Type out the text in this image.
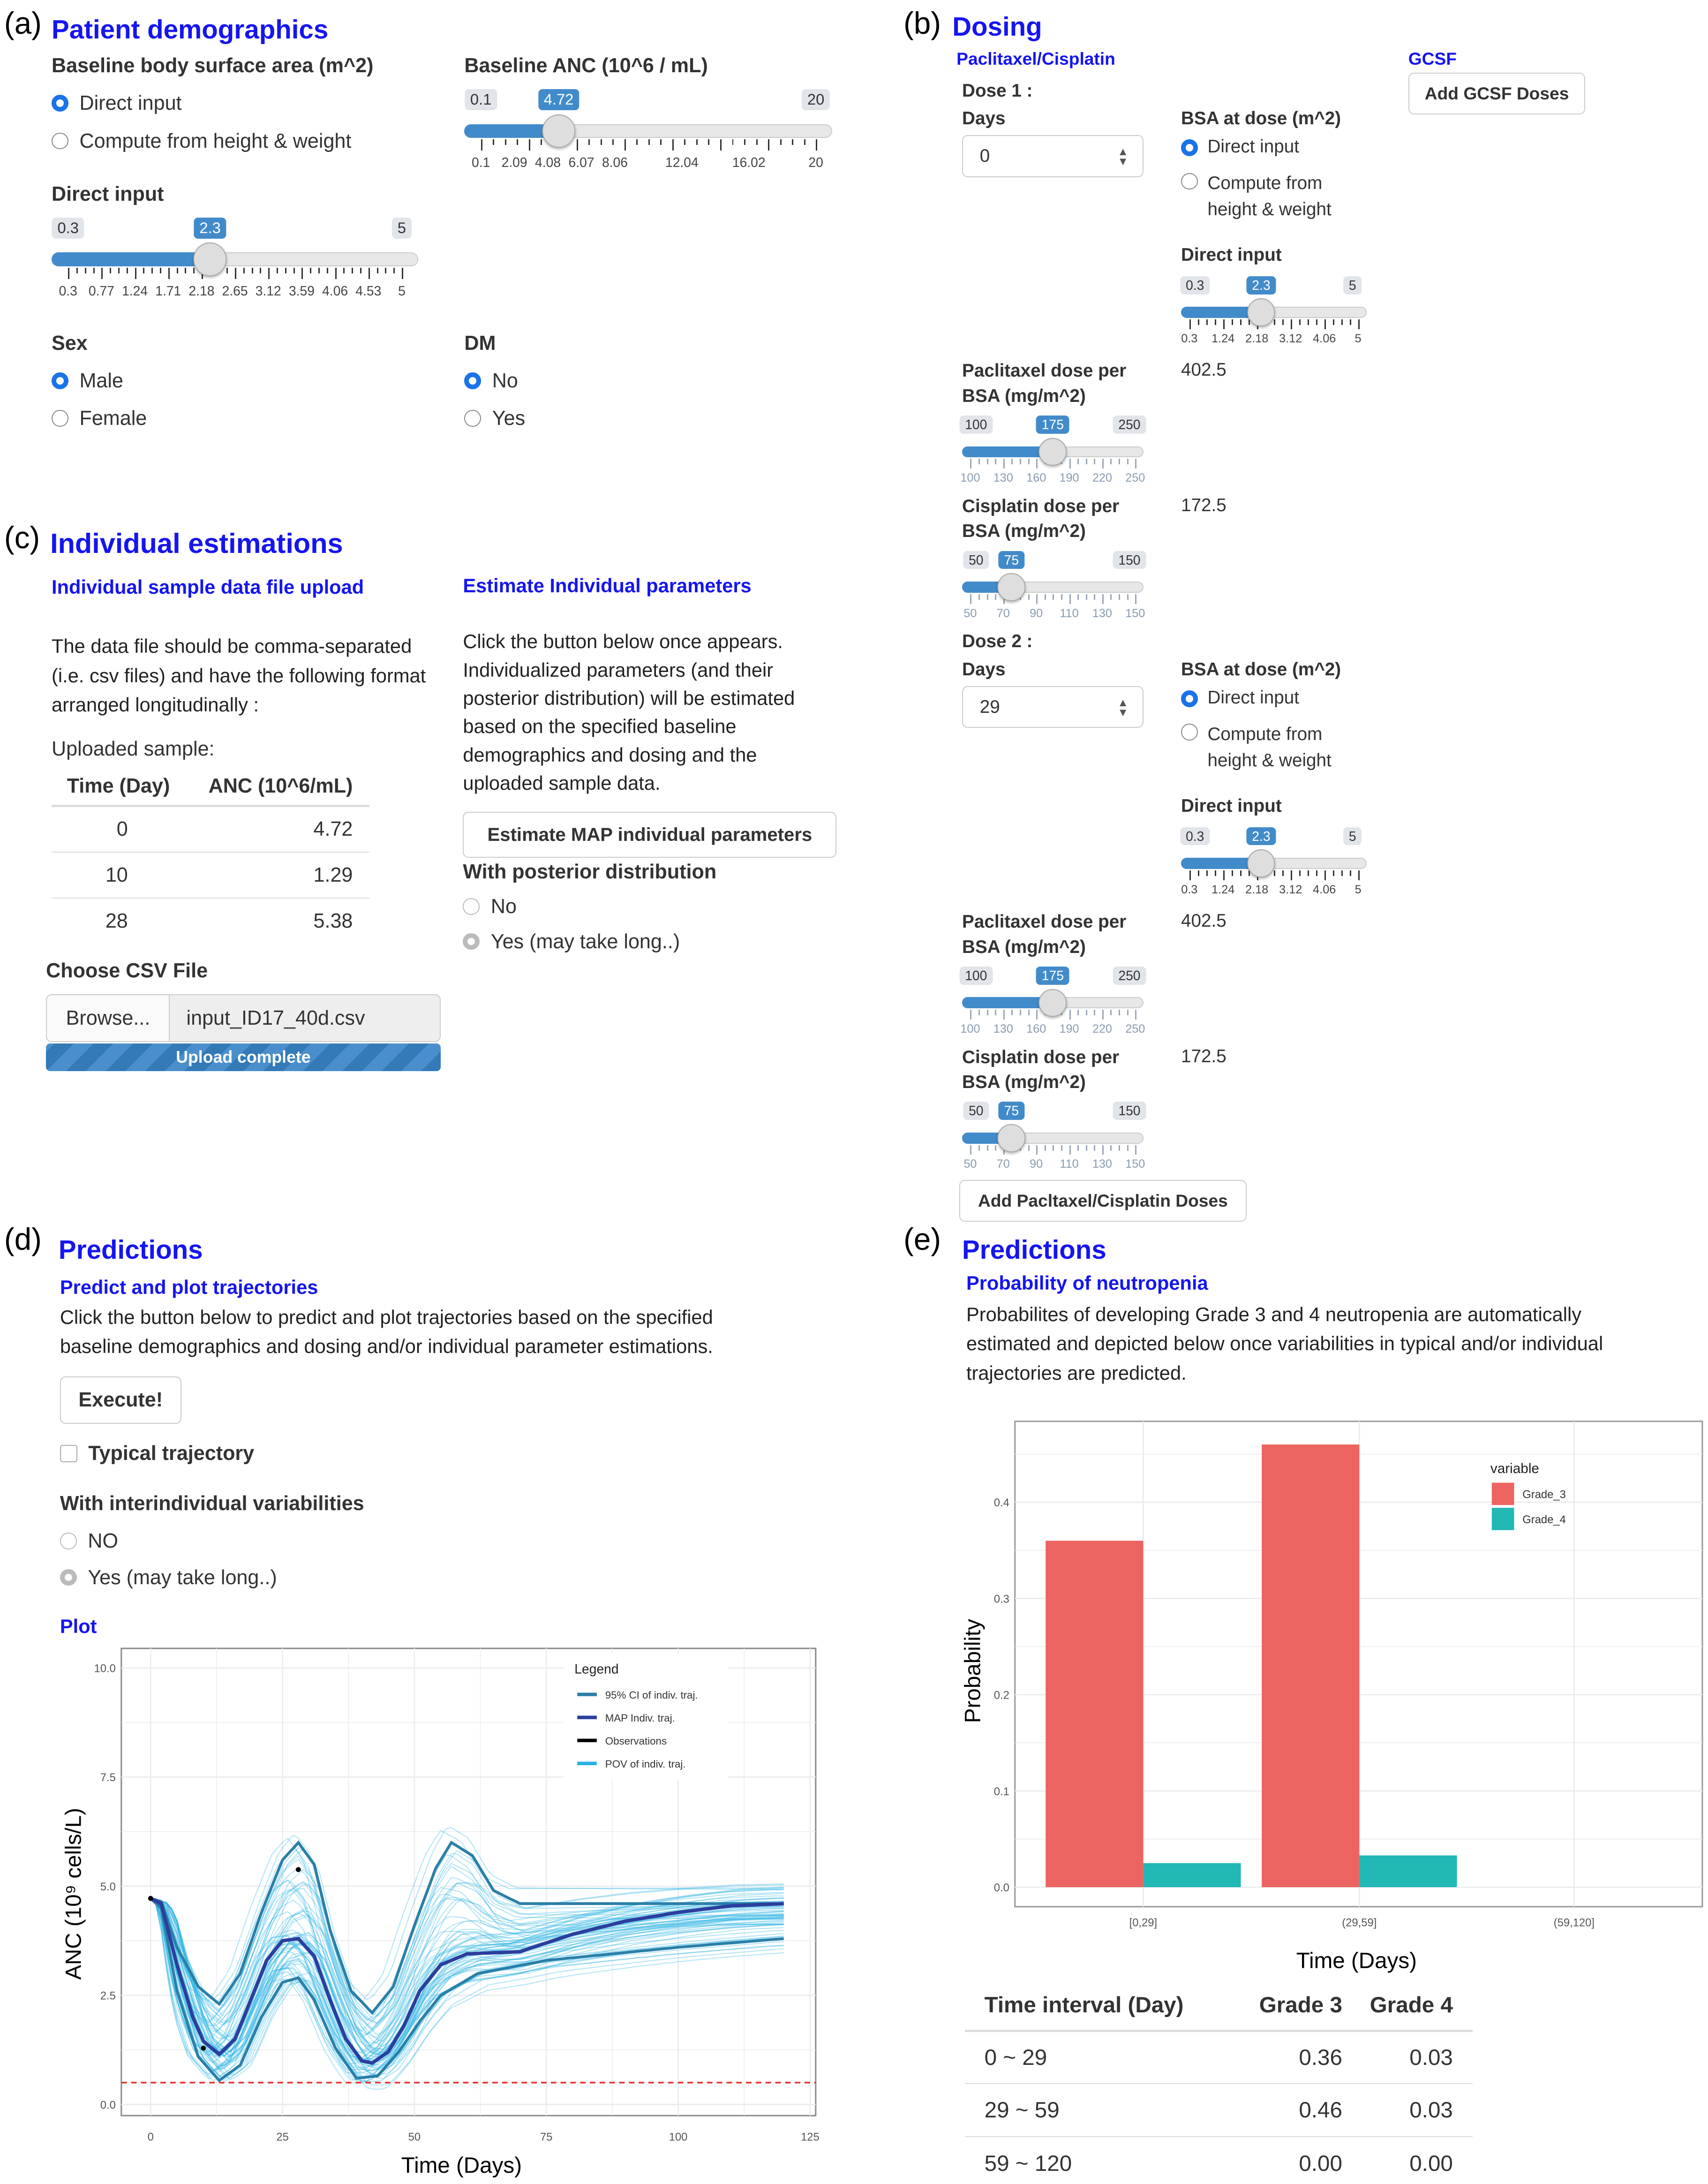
(a) Patient demographics
Baseline body surface area (m^2)
Direct input
Compute from height & weight
Direct input
0.3	5
2.3
0.3	0.77 1.24 1.71 2.18 2.65 3.12 3.59 4.06 4.53	5
Baseline ANC (10^6 / mL)
0.1	20
4.72
0.1	2.09 4.08 6.07 8.06	12.04	16.02	20
Sex
Male
Female
DM
No
Yes
(b) Dosing
Paclitaxel/Cisplatin	GCSF
Add GCSF Doses
Dose 1 :
Days
0	▲
▼
BSA at dose (m^2)
Direct input
Compute from height & weight
Direct input
0.3	5
2.3
0.3	1.24	2.18	3.12	4.06	5
Paclitaxel dose per BSA (mg/m^2)
402.5
100	250
175
100	130	160	190	220	250
Cisplatin dose per BSA (mg/m^2)
172.5
50	150
75
50	70	90	110	130	150
Dose 2 :
Days
29	▲
▼
BSA at dose (m^2)
Direct input
Compute from height & weight
Direct input
0.3	5
2.3
0.3	1.24	2.18	3.12	4.06	5
Paclitaxel dose per BSA (mg/m^2)
402.5
100	250
175
100	130	160	190	220	250
Cisplatin dose per BSA (mg/m^2)
172.5
50	150
75
50	70	90	110	130	150
Add Pacltaxel/Cisplatin Doses
(c) Individual estimations
Individual sample data file upload
The data file should be comma-separated (i.e. csv files) and have the following format arranged longitudinally :
Uploaded sample:
Time (Day)	ANC (10^6/mL)
0	4.72
10	1.29
28	5.38
Choose CSV File
Browse...	input_ID17_40d.csv
Upload complete
Estimate Individual parameters
Click the button below once appears. Individualized parameters (and their posterior distribution) will be estimated based on the specified baseline demographics and dosing and the uploaded sample data.
Estimate MAP individual parameters
With posterior distribution
No
Yes (may take long..)
(d) Predictions
Predict and plot trajectories
Click the button below to predict and plot trajectories based on the specified baseline demographics and dosing and/or individual parameter estimations.
Execute!
Typical trajectory
With interindividual variabilities
NO
Yes (may take long..)
Plot
0.0
2.5
5.0
7.5
10.0
0	25	50	75	100	125
Time (Days)
ANC (10⁹ cells/L)
Legend
95% CI of indiv. traj.
MAP Indiv. traj.
Observations
POV of indiv. traj.
(e) Predictions
Probability of neutropenia
Probabilites of developing Grade 3 and 4 neutropenia are automatically estimated and depicted below once variabilities in typical and/or individual trajectories are predicted.
0.0
0.1
0.2
0.3
0.4
[0,29]	(29,59]	(59,120]
Time (Days)
Probability
variable
Grade_3
Grade_4
Time interval (Day)	Grade 3	Grade 4
0 ~ 29	0.36	0.03
29 ~ 59	0.46	0.03
59 ~ 120	0.00	0.00
